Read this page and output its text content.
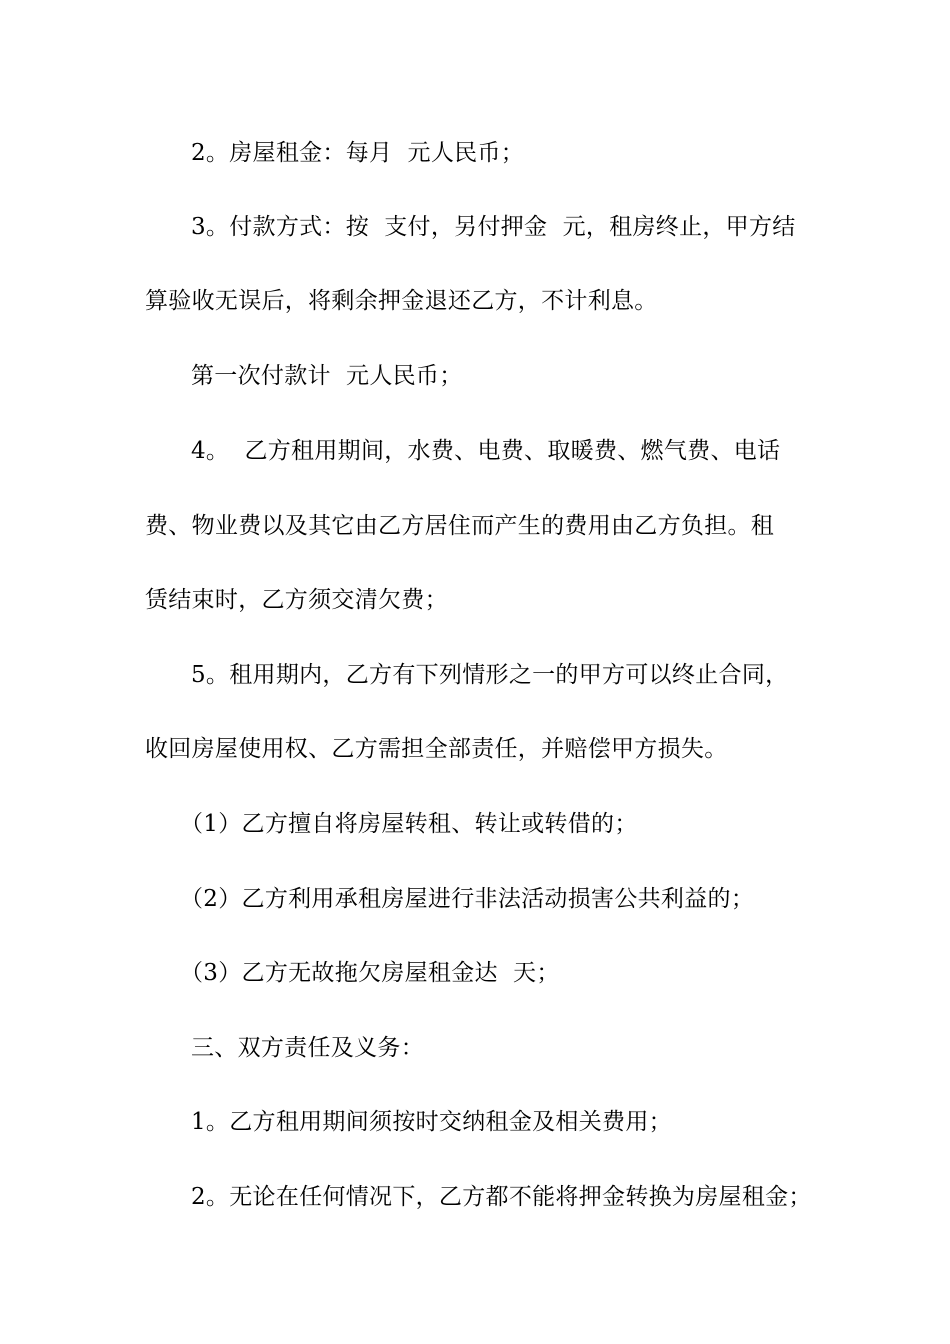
2。房屋租金：每月  元人民币；
3。付款方式：按  支付，另付押金  元，租房终止，甲方结
算验收无误后，将剩余押金退还乙方，不计利息。
第一次付款计  元人民币；
4。  乙方租用期间，水费、电费、取暖费、燃气费、电话
费、物业费以及其它由乙方居住而产生的费用由乙方负担。租
赁结束时，乙方须交清欠费；
5。租用期内，乙方有下列情形之一的甲方可以终止合同，
收回房屋使用权、乙方需担全部责任，并赔偿甲方损失。
（1）乙方擅自将房屋转租、转让或转借的；
（2）乙方利用承租房屋进行非法活动损害公共利益的；
（3）乙方无故拖欠房屋租金达  天；
三、双方责任及义务：
1。乙方租用期间须按时交纳租金及相关费用；
2。无论在任何情况下，乙方都不能将押金转换为房屋租金；
